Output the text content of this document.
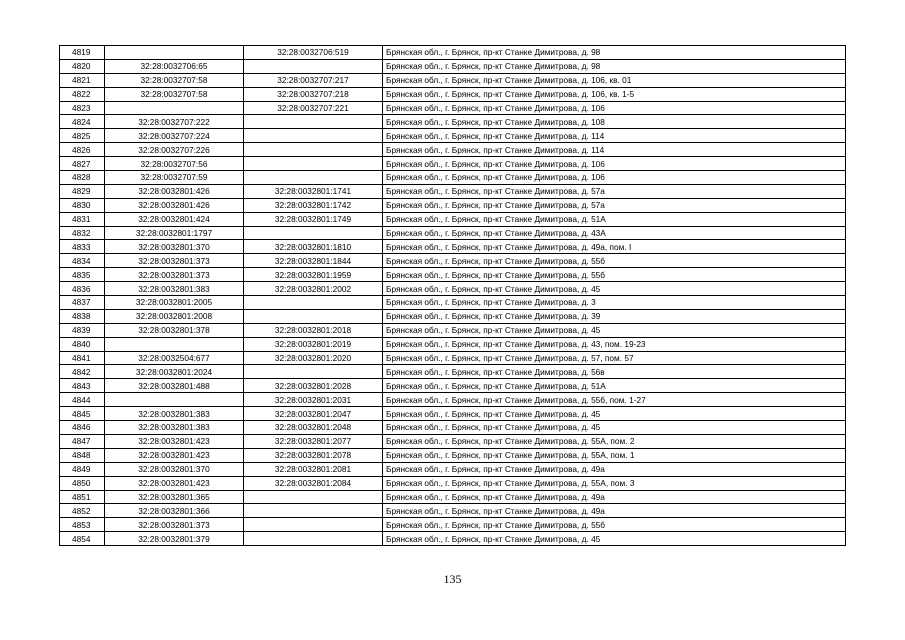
4819		32:28:0032706:519	Брянская обл., г. Брянск, пр-кт Станке Димитрова, д. 98
4820	32:28:0032706:65		Брянская обл., г. Брянск, пр-кт Станке Димитрова, д. 98
4821	32:28:0032707:58	32:28:0032707:217	Брянская обл., г. Брянск, пр-кт Станке Димитрова, д. 106, кв. 01
4822	32:28:0032707:58	32:28:0032707:218	Брянская обл., г. Брянск, пр-кт Станке Димитрова, д. 106, кв. 1-5
4823		32:28:0032707:221	Брянская обл., г. Брянск, пр-кт Станке Димитрова, д. 106
4824	32:28:0032707:222		Брянская обл., г. Брянск, пр-кт Станке Димитрова, д. 108
4825	32:28:0032707:224		Брянская обл., г. Брянск, пр-кт Станке Димитрова, д. 114
4826	32:28:0032707:226		Брянская обл., г. Брянск, пр-кт Станке Димитрова, д. 114
4827	32:28:0032707:56		Брянская обл., г. Брянск, пр-кт Станке Димитрова, д. 106
4828	32:28:0032707:59		Брянская обл., г. Брянск, пр-кт Станке Димитрова, д. 106
4829	32:28:0032801:426	32:28:0032801:1741	Брянская обл., г. Брянск, пр-кт Станке Димитрова, д. 57а
4830	32:28:0032801:426	32:28:0032801:1742	Брянская обл., г. Брянск, пр-кт Станке Димитрова, д. 57а
4831	32:28:0032801:424	32:28:0032801:1749	Брянская обл., г. Брянск, пр-кт Станке Димитрова, д. 51А
4832	32:28:0032801:1797		Брянская обл., г. Брянск, пр-кт Станке Димитрова, д. 43А
4833	32:28:0032801:370	32:28:0032801:1810	Брянская обл., г. Брянск, пр-кт Станке Димитрова, д. 49а, пом. I
4834	32:28:0032801:373	32:28:0032801:1844	Брянская обл., г. Брянск, пр-кт Станке Димитрова, д. 55б
4835	32:28:0032801:373	32:28:0032801:1959	Брянская обл., г. Брянск, пр-кт Станке Димитрова, д. 55б
4836	32:28:0032801:383	32:28:0032801:2002	Брянская обл., г. Брянск, пр-кт Станке Димитрова, д. 45
4837	32:28:0032801:2005		Брянская обл., г. Брянск, пр-кт Станке Димитрова, д. 3
4838	32:28:0032801:2008		Брянская обл., г. Брянск, пр-кт Станке Димитрова, д. 39
4839	32:28:0032801:378	32:28:0032801:2018	Брянская обл., г. Брянск, пр-кт Станке Димитрова, д. 45
4840		32:28:0032801:2019	Брянская обл., г. Брянск, пр-кт Станке Димитрова, д. 43, пом. 19-23
4841	32:28:0032504:677	32:28:0032801:2020	Брянская обл., г. Брянск, пр-кт Станке Димитрова, д. 57, пом. 57
4842	32:28:0032801:2024		Брянская обл., г. Брянск, пр-кт Станке Димитрова, д. 56в
4843	32:28:0032801:488	32:28:0032801:2028	Брянская обл., г. Брянск, пр-кт Станке Димитрова, д. 51А
4844		32:28:0032801:2031	Брянская обл., г. Брянск, пр-кт Станке Димитрова, д. 55б, пом. 1-27
4845	32:28:0032801:383	32:28:0032801:2047	Брянская обл., г. Брянск, пр-кт Станке Димитрова, д. 45
4846	32:28:0032801:383	32:28:0032801:2048	Брянская обл., г. Брянск, пр-кт Станке Димитрова, д. 45
4847	32:28:0032801:423	32:28:0032801:2077	Брянская обл., г. Брянск, пр-кт Станке Димитрова, д. 55А, пом. 2
4848	32:28:0032801:423	32:28:0032801:2078	Брянская обл., г. Брянск, пр-кт Станке Димитрова, д. 55А, пом. 1
4849	32:28:0032801:370	32:28:0032801:2081	Брянская обл., г. Брянск, пр-кт Станке Димитрова, д. 49а
4850	32:28:0032801:423	32:28:0032801:2084	Брянская обл., г. Брянск, пр-кт Станке Димитрова, д. 55А, пом. 3
4851	32:28:0032801:365		Брянская обл., г. Брянск, пр-кт Станке Димитрова, д. 49а
4852	32:28:0032801:366		Брянская обл., г. Брянск, пр-кт Станке Димитрова, д. 49а
4853	32:28:0032801:373		Брянская обл., г. Брянск, пр-кт Станке Димитрова, д. 55б
4854	32:28:0032801:379		Брянская обл., г. Брянск, пр-кт Станке Димитрова, д. 45
135
